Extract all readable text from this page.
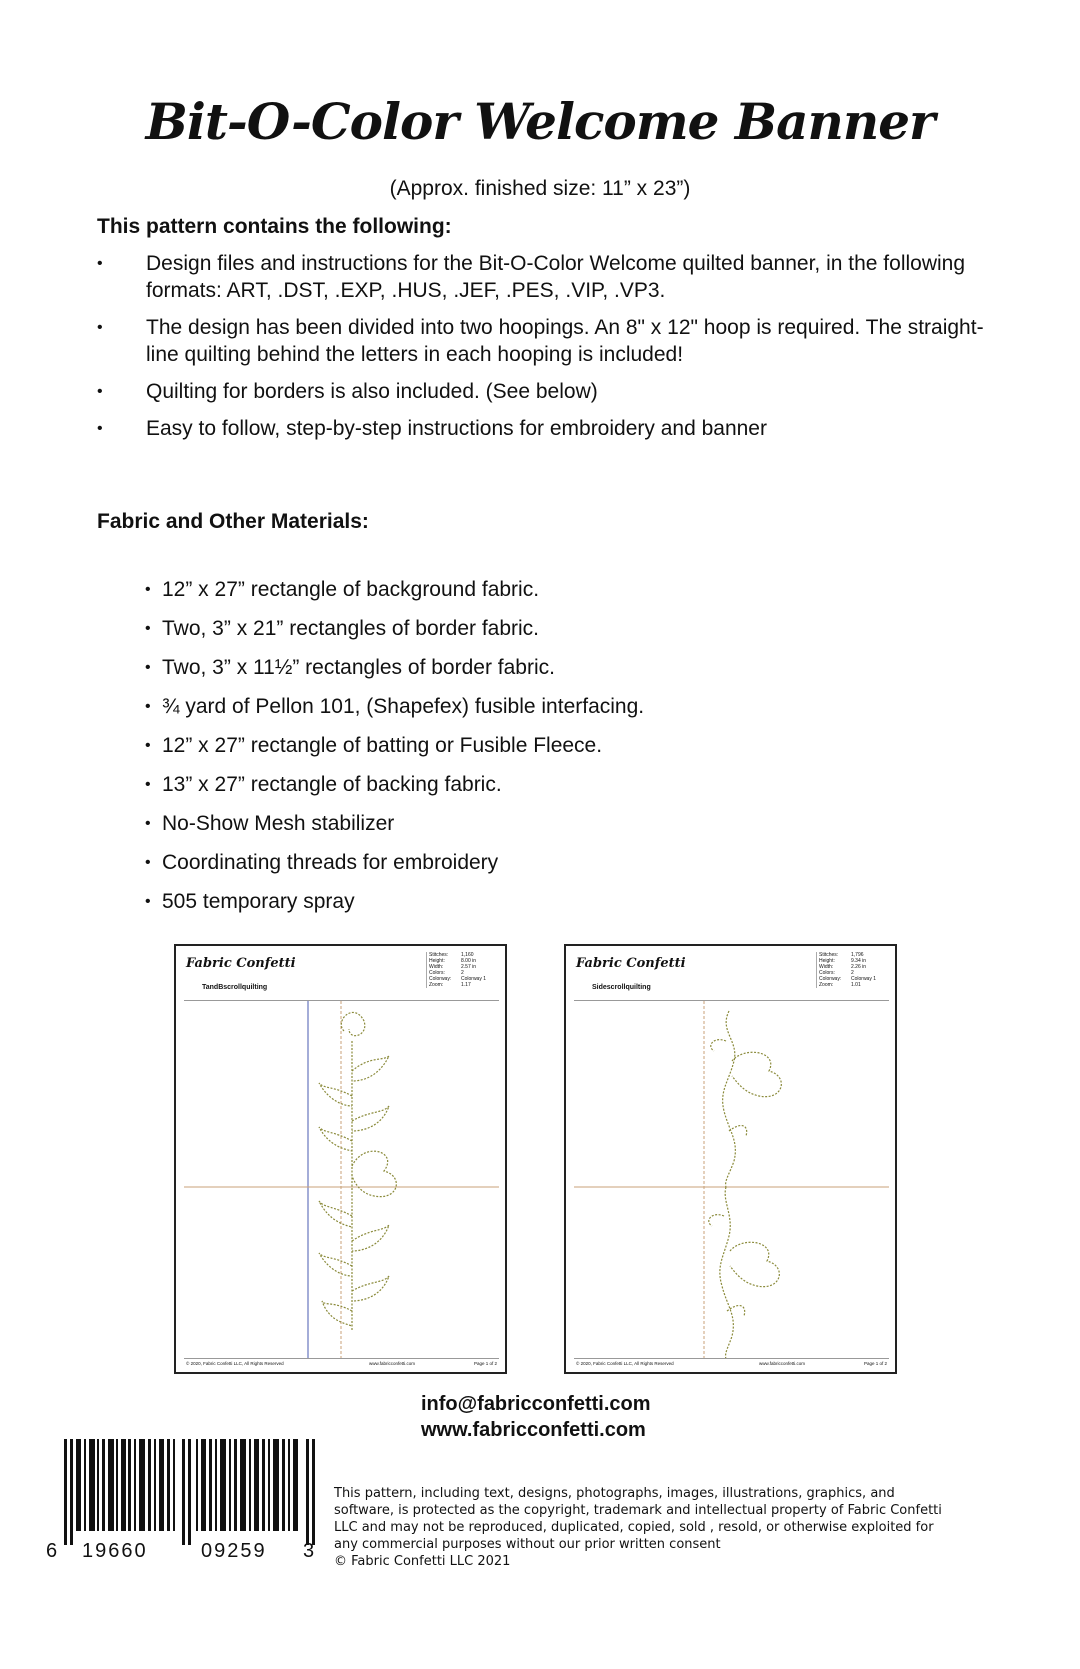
Bit-O-Color Welcome Banner
(Approx. finished size: 11” x 23”)
This pattern contains the following:
• Design files and instructions for the Bit-O-Color Welcome quilted banner, in the following formats: ART, .DST, .EXP, .HUS, .JEF, .PES, .VIP, .VP3.
• The design has been divided into two hoopings. An 8" x 12" hoop is required. The straight-line quilting behind the letters in each hooping is included!
• Quilting for borders is also included. (See below)
• Easy to follow, step-by-step instructions for embroidery and banner
Fabric and Other Materials:
• 12” x 27” rectangle of background fabric.
• Two, 3” x 21” rectangles of border fabric.
• Two, 3” x 11½” rectangles of border fabric.
• ¾ yard of Pellon 101, (Shapefex) fusible interfacing.
• 12” x 27” rectangle of batting or Fusible Fleece.
• 13” x 27” rectangle of backing fabric.
• No-Show Mesh stabilizer
• Coordinating threads for embroidery
• 505 temporary spray
Fabric Confetti
TandBscrollquilting
Stitches:	1,160
Height:	8.00 in
Width:	2.57 in
Colors:	2
Colorway:	Colorway 1
Zoom:	1.17
© 2020, Fabric Confetti LLC, All Rights Reserved	www.fabricconfetti.com	Page 1 of 2
Fabric Confetti
Sidescrollquilting
Stitches:	1,796
Height:	9.34 in
Width:	2.26 in
Colors:	2
Colorway:	Colorway 1
Zoom:	1.01
© 2020, Fabric Confetti LLC, All Rights Reserved	www.fabricconfetti.com	Page 1 of 2
info@fabricconfetti.com
www.fabricconfetti.com
6 19660	09259 3

This pattern, including text, designs, photographs, images, illustrations, graphics, and software, is protected as the copyright, trademark and intellectual property of Fabric Confetti LLC and may not be reproduced, duplicated, copied, sold , resold, or otherwise exploited for any commercial purposes without our prior written consent
© Fabric Confetti LLC 2021
